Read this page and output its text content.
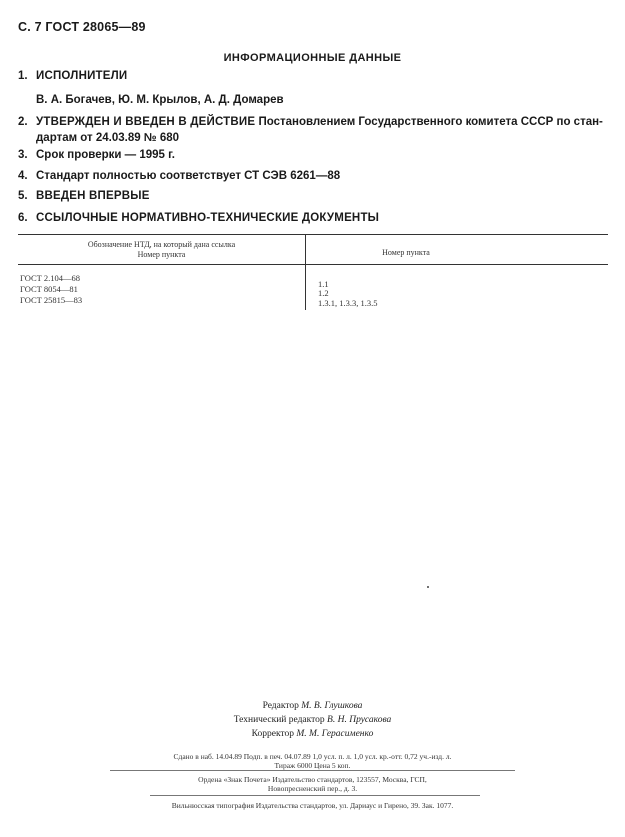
С. 7 ГОСТ 28065—89
ИНФОРМАЦИОННЫЕ ДАННЫЕ
1. ИСПОЛНИТЕЛИ
В. А. Богачев, Ю. М. Крылов, А. Д. Домарев
2. УТВЕРЖДЕН И ВВЕДЕН В ДЕЙСТВИЕ Постановлением Государственного комитета СССР по стан-
дартам от 24.03.89 № 680
3. Срок проверки — 1995 г.
4. Стандарт полностью соответствует СТ СЭВ 6261—88
5. ВВЕДЕН ВПЕРВЫЕ
6. ССЫЛОЧНЫЕ НОРМАТИВНО-ТЕХНИЧЕСКИЕ ДОКУМЕНТЫ
Обозначение НТД, на который дана ссылка
Номер пункта	Номер пункта
ГОСТ 2.104—68
ГОСТ 8054—81
ГОСТ 25815—83
1.1
1.2
1.3.1, 1.3.3, 1.3.5
Редактор М. В. Глушкова
Технический редактор В. Н. Прусакова
Корректор М. М. Герасименко
Сдано в наб. 14.04.89 Подп. в печ. 04.07.89 1,0 усл. п. л. 1,0 усл. кр.-отт. 0,72 уч.-изд. л.
Тираж 6000 Цена 5 коп.
Ордена «Знак Почета» Издательство стандартов, 123557, Москва, ГСП,
Новопресненский пер., д. 3.
Вильнюсская типография Издательства стандартов, ул. Дариаус и Гирено, 39. Зак. 1077.
